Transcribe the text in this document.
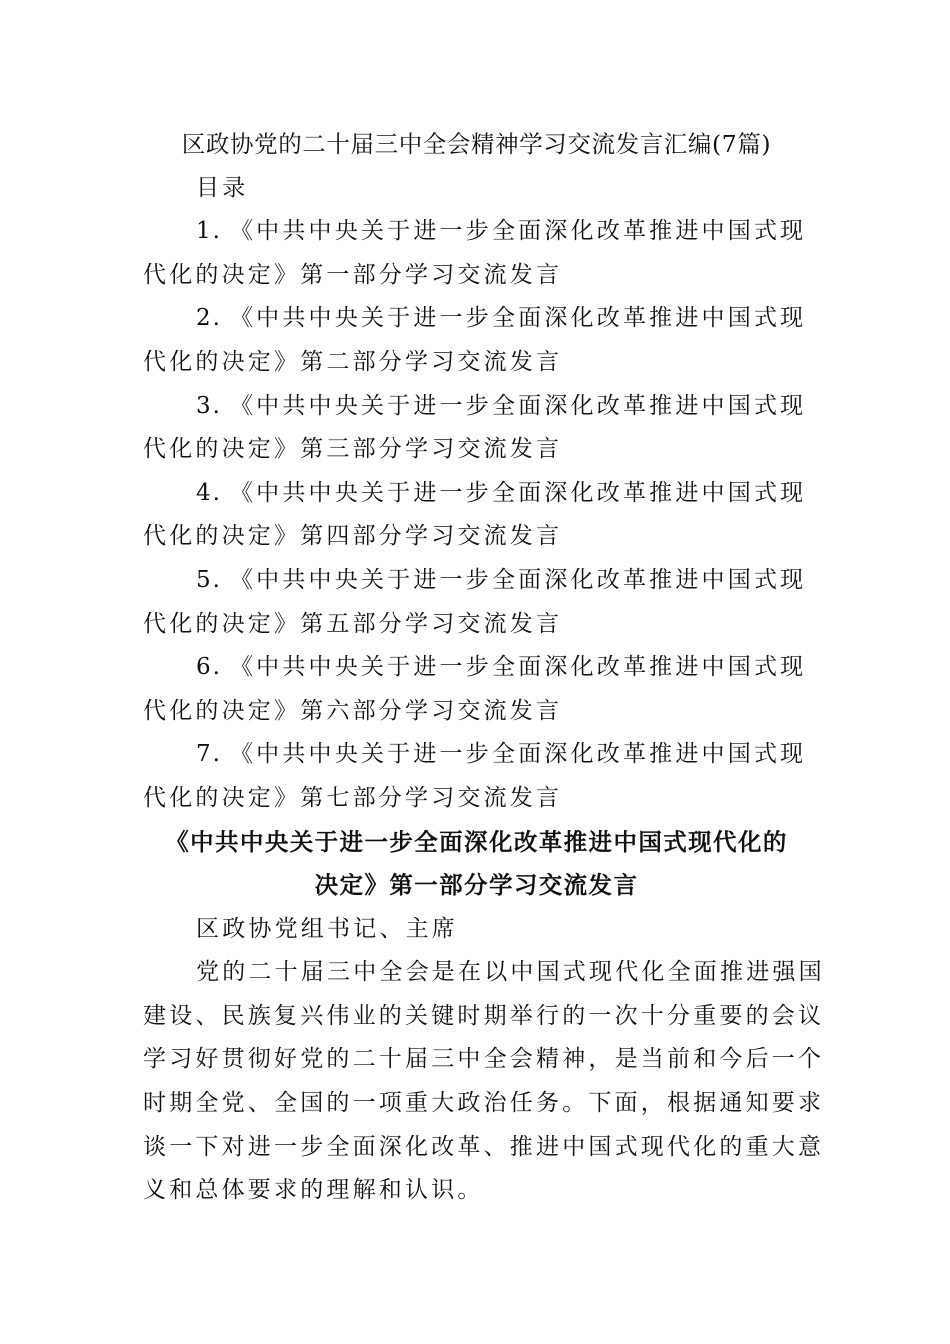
区政协党的二十届三中全会精神学习交流发言汇编(7篇)
目录
1. 《中共中央关于进一步全面深化改革推进中国式现
代化的决定》第一部分学习交流发言
2. 《中共中央关于进一步全面深化改革推进中国式现
代化的决定》第二部分学习交流发言
3. 《中共中央关于进一步全面深化改革推进中国式现
代化的决定》第三部分学习交流发言
4. 《中共中央关于进一步全面深化改革推进中国式现
代化的决定》第四部分学习交流发言
5. 《中共中央关于进一步全面深化改革推进中国式现
代化的决定》第五部分学习交流发言
6. 《中共中央关于进一步全面深化改革推进中国式现
代化的决定》第六部分学习交流发言
7. 《中共中央关于进一步全面深化改革推进中国式现
代化的决定》第七部分学习交流发言
《中共中央关于进一步全面深化改革推进中国式现代化的
决定》第一部分学习交流发言
区政协党组书记、主席
党的二十届三中全会是在以中国式现代化全面推进强国
建设、民族复兴伟业的关键时期举行的一次十分重要的会议
学习好贯彻好党的二十届三中全会精神，是当前和今后一个
时期全党、全国的一项重大政治任务。下面，根据通知要求
谈一下对进一步全面深化改革、推进中国式现代化的重大意
义和总体要求的理解和认识。
